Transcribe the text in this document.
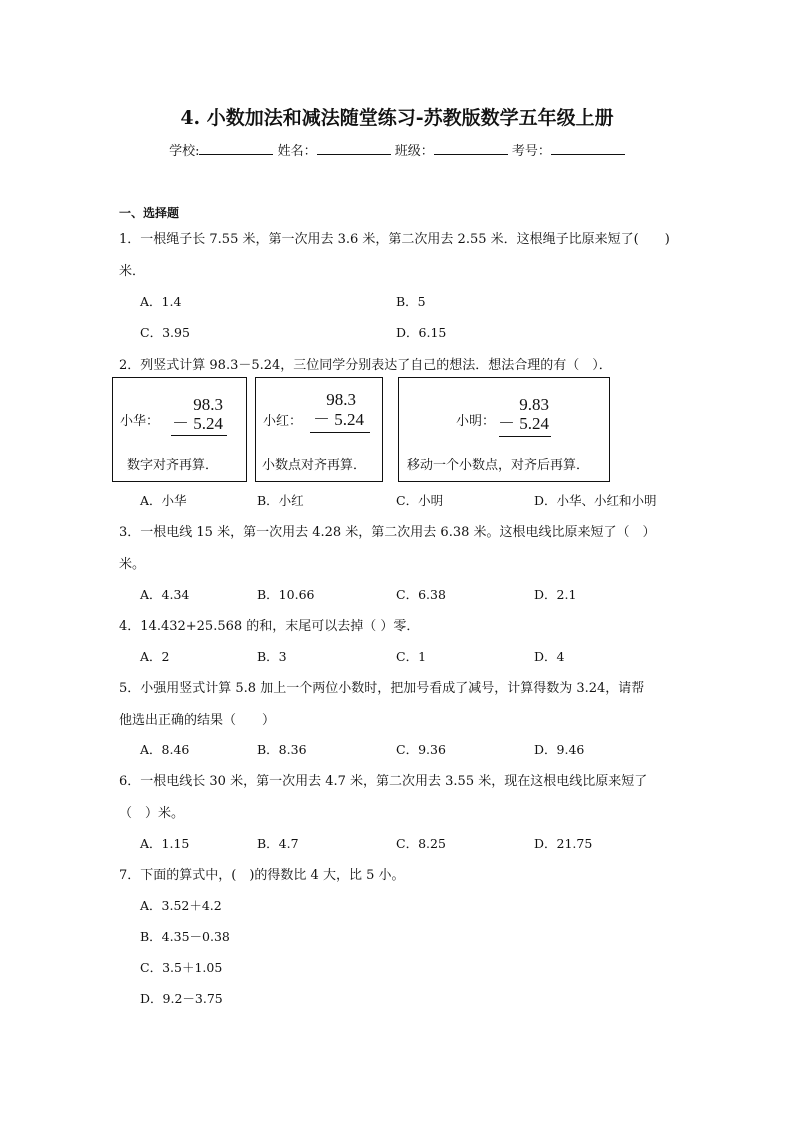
4. 小数加法和减法随堂练习-苏教版数学五年级上册
学校:	姓名：	班级：	考号：
一、选择题
1．一根绳子长 7.55 米，第一次用去 3.6 米，第二次用去 2.55 米．这根绳子比原来短了(　　)
米．
A．1.4	B．5
C．3.95	D．6.15
2．列竖式计算 98.3－5.24，三位同学分别表达了自己的想法．想法合理的有（　）．
小华：
98.3
－ 5.24
数字对齐再算．
小红：
98.3
－ 5.24
小数点对齐再算．
小明：
9.83
－ 5.24
移动一个小数点，对齐后再算．
A．小华	B．小红	C．小明	D．小华、小红和小明
3．一根电线 15 米，第一次用去 4.28 米，第二次用去 6.38 米。这根电线比原来短了（　）
米。
A．4.34	B．10.66	C．6.38	D．2.1
4．14.432+25.568 的和，末尾可以去掉（ ）零．
A．2	B．3	C．1	D．4
5．小强用竖式计算 5.8 加上一个两位小数时，把加号看成了减号，计算得数为 3.24，请帮
他选出正确的结果（　　）
A．8.46	B．8.36	C．9.36	D．9.46
6．一根电线长 30 米，第一次用去 4.7 米，第二次用去 3.55 米，现在这根电线比原来短了
（　）米。
A．1.15	B．4.7	C．8.25	D．21.75
7．下面的算式中，(　)的得数比 4 大，比 5 小。
A．3.52＋4.2
B．4.35－0.38
C．3.5＋1.05
D．9.2－3.75
